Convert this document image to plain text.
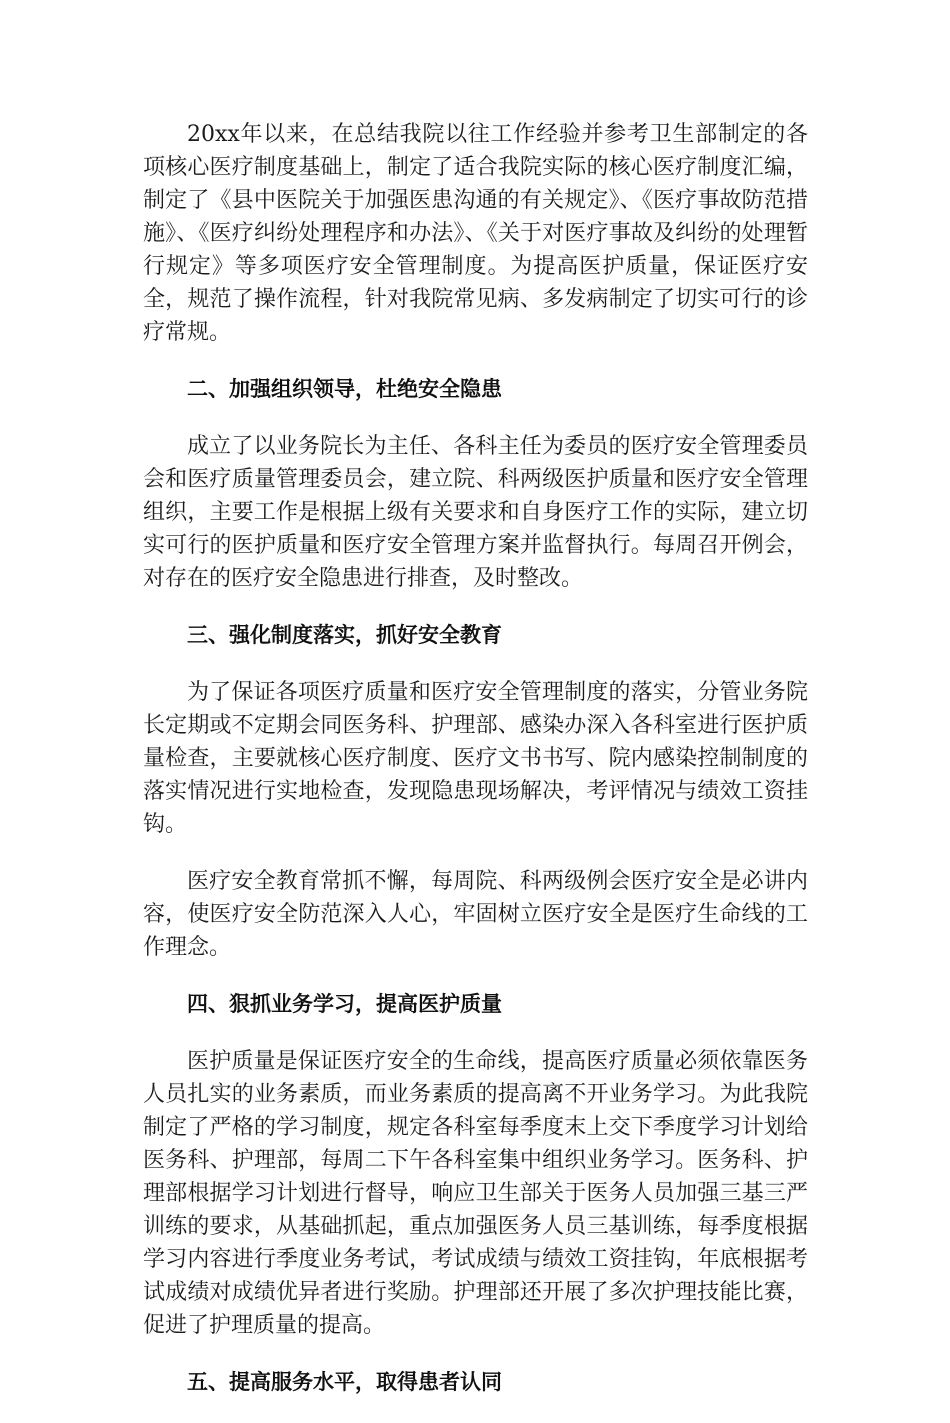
20xx年以来，在总结我院以往工作经验并参考卫生部制定的各项核心医疗制度基础上，制定了适合我院实际的核心医疗制度汇编，制定了《县中医院关于加强医患沟通的有关规定》、《医疗事故防范措施》、《医疗纠纷处理程序和办法》、《关于对医疗事故及纠纷的处理暂行规定》等多项医疗安全管理制度。为提高医护质量，保证医疗安全，规范了操作流程，针对我院常见病、多发病制定了切实可行的诊疗常规。

二、加强组织领导，杜绝安全隐患

成立了以业务院长为主任、各科主任为委员的医疗安全管理委员会和医疗质量管理委员会，建立院、科两级医护质量和医疗安全管理组织，主要工作是根据上级有关要求和自身医疗工作的实际，建立切实可行的医护质量和医疗安全管理方案并监督执行。每周召开例会，对存在的医疗安全隐患进行排查，及时整改。

三、强化制度落实，抓好安全教育

为了保证各项医疗质量和医疗安全管理制度的落实，分管业务院长定期或不定期会同医务科、护理部、感染办深入各科室进行医护质量检查，主要就核心医疗制度、医疗文书书写、院内感染控制制度的落实情况进行实地检查，发现隐患现场解决，考评情况与绩效工资挂钩。

医疗安全教育常抓不懈，每周院、科两级例会医疗安全是必讲内容，使医疗安全防范深入人心，牢固树立医疗安全是医疗生命线的工作理念。

四、狠抓业务学习，提高医护质量

医护质量是保证医疗安全的生命线，提高医疗质量必须依靠医务人员扎实的业务素质，而业务素质的提高离不开业务学习。为此我院制定了严格的学习制度，规定各科室每季度末上交下季度学习计划给医务科、护理部，每周二下午各科室集中组织业务学习。医务科、护理部根据学习计划进行督导，响应卫生部关于医务人员加强三基三严训练的要求，从基础抓起，重点加强医务人员三基训练，每季度根据学习内容进行季度业务考试，考试成绩与绩效工资挂钩，年底根据考试成绩对成绩优异者进行奖励。护理部还开展了多次护理技能比赛，促进了护理质量的提高。

五、提高服务水平，取得患者认同
